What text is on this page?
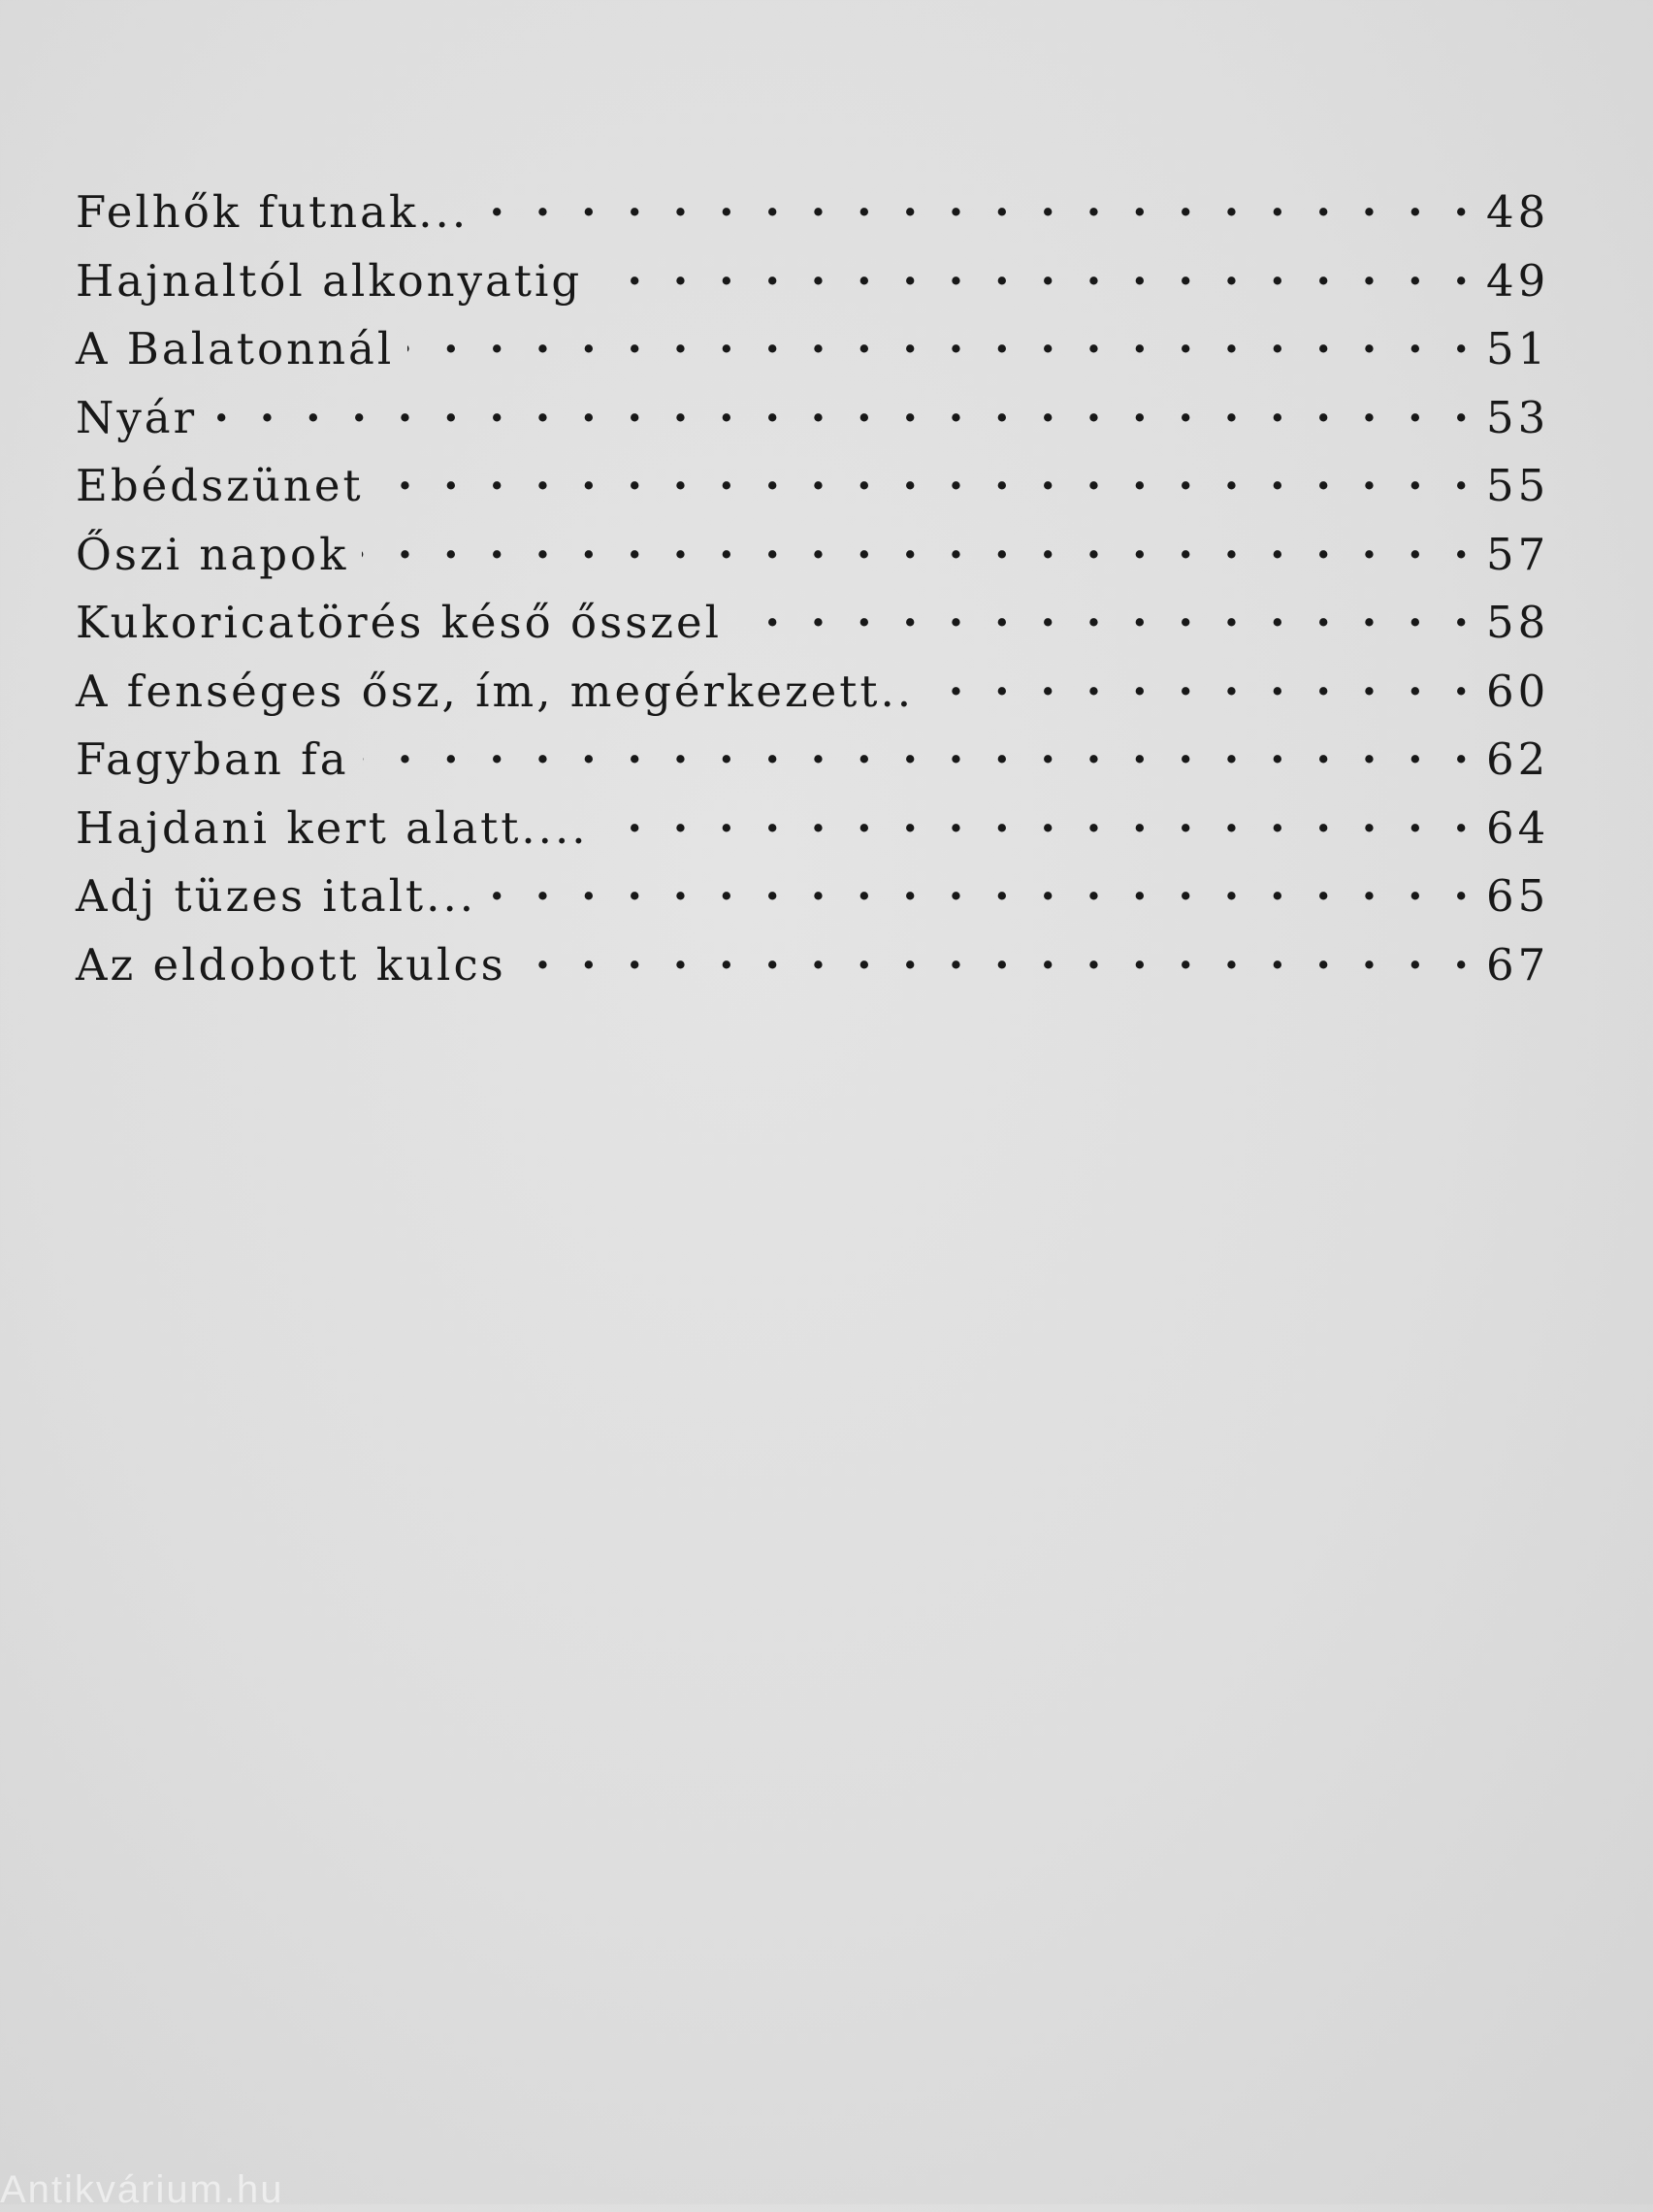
Felhők futnak... . . .	48
Hajnaltól alkonyatig . . .	49
A Balatonnál . . .	51
Nyár . . .	53
Ebédszünet . . .	55
Őszi napok . . .	57
Kukoricatörés késő ősszel . . .	58
A fenséges ősz, ím, megérkezett.. . . .	60
Fagyban fa . . .	62
Hajdani kert alatt.... . . .	64
Adj tüzes italt... . . .	65
Az eldobott kulcs . . .	67
Antikvárium.hu
